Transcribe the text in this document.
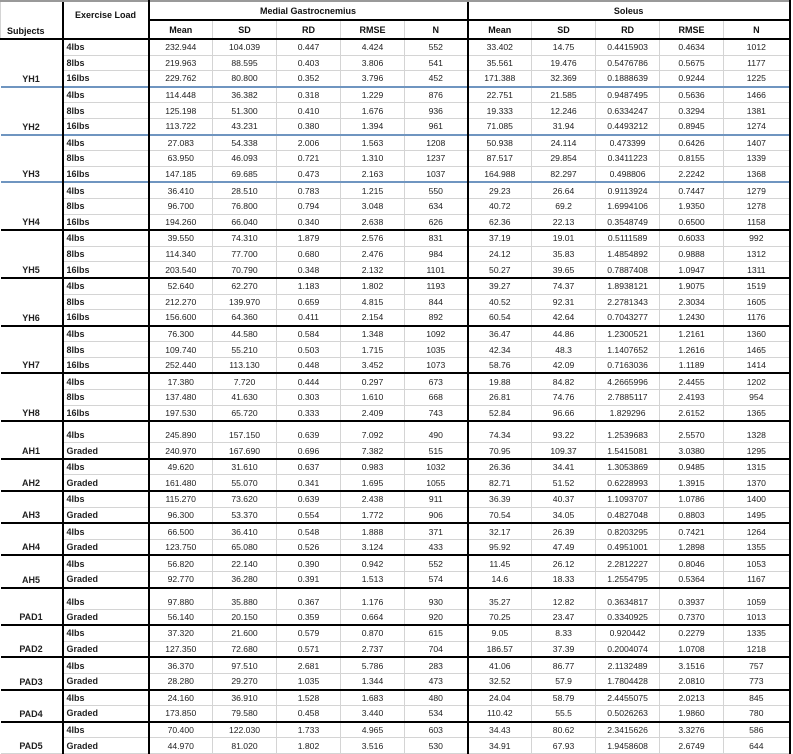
Subjects	Exercise Load	Medial Gastrocnemius					Soleus				
		Mean	SD	RD	RMSE	N	Mean	SD	RD	RMSE	N
YH1	4lbs	232.944	104.039	0.447	4.424	552	33.402	14.75	0.4415903	0.4634	1012
	8lbs	219.963	88.595	0.403	3.806	541	35.561	19.476	0.5476786	0.5675	1177
	16lbs	229.762	80.800	0.352	3.796	452	171.388	32.369	0.1888639	0.9244	1225
YH2	4lbs	114.448	36.382	0.318	1.229	876	22.751	21.585	0.9487495	0.5636	1466
	8lbs	125.198	51.300	0.410	1.676	936	19.333	12.246	0.6334247	0.3294	1381
	16lbs	113.722	43.231	0.380	1.394	961	71.085	31.94	0.4493212	0.8945	1274
YH3	4lbs	27.083	54.338	2.006	1.563	1208	50.938	24.114	0.473399	0.6426	1407
	8lbs	63.950	46.093	0.721	1.310	1237	87.517	29.854	0.3411223	0.8155	1339
	16lbs	147.185	69.685	0.473	2.163	1037	164.988	82.297	0.498806	2.2242	1368
YH4	4lbs	36.410	28.510	0.783	1.215	550	29.23	26.64	0.9113924	0.7447	1279
	8lbs	96.700	76.800	0.794	3.048	634	40.72	69.2	1.6994106	1.9350	1278
	16lbs	194.260	66.040	0.340	2.638	626	62.36	22.13	0.3548749	0.6500	1158
YH5	4lbs	39.550	74.310	1.879	2.576	831	37.19	19.01	0.5111589	0.6033	992
	8lbs	114.340	77.700	0.680	2.476	984	24.12	35.83	1.4854892	0.9888	1312
	16lbs	203.540	70.790	0.348	2.132	1101	50.27	39.65	0.7887408	1.0947	1311
YH6	4lbs	52.640	62.270	1.183	1.802	1193	39.27	74.37	1.8938121	1.9075	1519
	8lbs	212.270	139.970	0.659	4.815	844	40.52	92.31	2.2781343	2.3034	1605
	16lbs	156.600	64.360	0.411	2.154	892	60.54	42.64	0.7043277	1.2430	1176
YH7	4lbs	76.300	44.580	0.584	1.348	1092	36.47	44.86	1.2300521	1.2161	1360
	8lbs	109.740	55.210	0.503	1.715	1035	42.34	48.3	1.1407652	1.2616	1465
	16lbs	252.440	113.130	0.448	3.452	1073	58.76	42.09	0.7163036	1.1189	1414
YH8	4lbs	17.380	7.720	0.444	0.297	673	19.88	84.82	4.2665996	2.4455	1202
	8lbs	137.480	41.630	0.303	1.610	668	26.81	74.76	2.7885117	2.4193	954
	16lbs	197.530	65.720	0.333	2.409	743	52.84	96.66	1.829296	2.6152	1365
AH1	4lbs	245.890	157.150	0.639	7.092	490	74.34	93.22	1.2539683	2.5570	1328
	Graded	240.970	167.690	0.696	7.382	515	70.95	109.37	1.5415081	3.0380	1295
AH2	4lbs	49.620	31.610	0.637	0.983	1032	26.36	34.41	1.3053869	0.9485	1315
	Graded	161.480	55.070	0.341	1.695	1055	82.71	51.52	0.6228993	1.3915	1370
AH3	4lbs	115.270	73.620	0.639	2.438	911	36.39	40.37	1.1093707	1.0786	1400
	Graded	96.300	53.370	0.554	1.772	906	70.54	34.05	0.4827048	0.8803	1495
AH4	4lbs	66.500	36.410	0.548	1.888	371	32.17	26.39	0.8203295	0.7421	1264
	Graded	123.750	65.080	0.526	3.124	433	95.92	47.49	0.4951001	1.2898	1355
AH5	4lbs	56.820	22.140	0.390	0.942	552	11.45	26.12	2.2812227	0.8046	1053
	Graded	92.770	36.280	0.391	1.513	574	14.6	18.33	1.2554795	0.5364	1167
PAD1	4lbs	97.880	35.880	0.367	1.176	930	35.27	12.82	0.3634817	0.3937	1059
	Graded	56.140	20.150	0.359	0.664	920	70.25	23.47	0.3340925	0.7370	1013
PAD2	4lbs	37.320	21.600	0.579	0.870	615	9.05	8.33	0.920442	0.2279	1335
	Graded	127.350	72.680	0.571	2.737	704	186.57	37.39	0.2004074	1.0708	1218
PAD3	4lbs	36.370	97.510	2.681	5.786	283	41.06	86.77	2.1132489	3.1516	757
	Graded	28.280	29.270	1.035	1.344	473	32.52	57.9	1.7804428	2.0810	773
PAD4	4lbs	24.160	36.910	1.528	1.683	480	24.04	58.79	2.4455075	2.0213	845
	Graded	173.850	79.580	0.458	3.440	534	110.42	55.5	0.5026263	1.9860	780
PAD5	4lbs	70.400	122.030	1.733	4.965	603	34.43	80.62	2.3415626	3.3276	586
	Graded	44.970	81.020	1.802	3.516	530	34.91	67.93	1.9458608	2.6749	644
